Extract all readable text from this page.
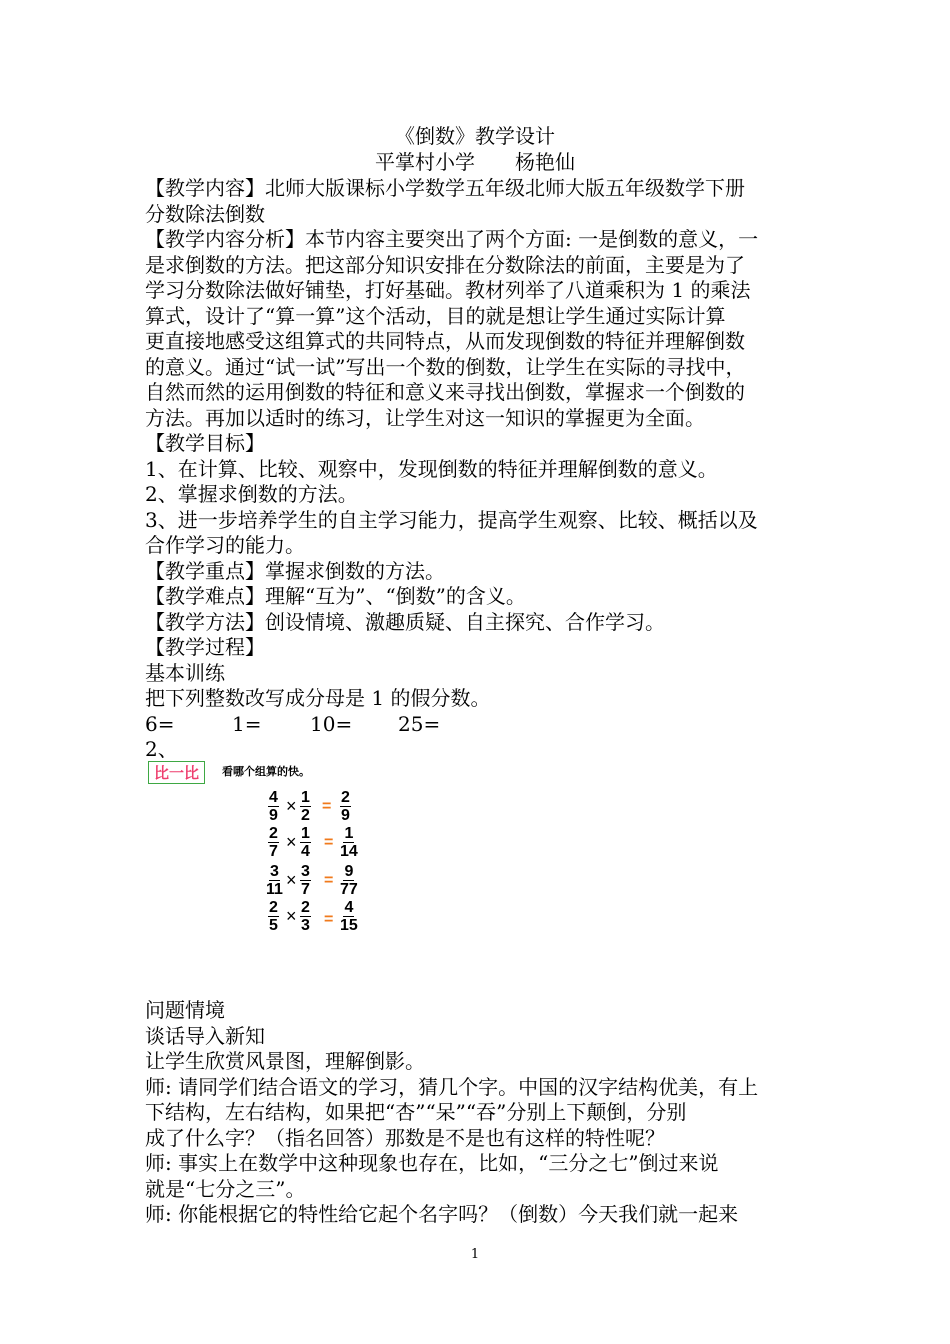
《倒数》教学设计
平掌村小学　　杨艳仙

【教学内容】北师大版课标小学数学五年级北师大版五年级数学下册

分数除法倒数

【教学内容分析】本节内容主要突出了两个方面: 一是倒数的意义，一

是求倒数的方法。把这部分知识安排在分数除法的前面，主要是为了

学习分数除法做好铺垫，打好基础。教材列举了八道乘积为 1 的乘法

算式，设计了“算一算”这个活动，目的就是想让学生通过实际计算

更直接地感受这组算式的共同特点，从而发现倒数的特征并理解倒数

的意义。通过“试一试”写出一个数的倒数，让学生在实际的寻找中，

自然而然的运用倒数的特征和意义来寻找出倒数，掌握求一个倒数的

方法。再加以适时的练习，让学生对这一知识的掌握更为全面。

【教学目标】

1、在计算、比较、观察中，发现倒数的特征并理解倒数的意义。

2、掌握求倒数的方法。

3、进一步培养学生的自主学习能力，提高学生观察、比较、概括以及

合作学习的能力。

【教学重点】掌握求倒数的方法。

【教学难点】理解“互为”、“倒数”的含义。

【教学方法】创设情境、激趣质疑、自主探究、合作学习。

【教学过程】

基本训练

把下列整数改写成分母是 1 的假分数。

6=	1= 10= 25=

2、

比一比	看哪个组算的快。
$\frac{4}{9} \times \frac{1}{2} = \frac{2}{9}$
$\frac{2}{7} \times \frac{1}{4} = \frac{1}{14}$
$\frac{3}{11} \times \frac{3}{7} = \frac{9}{77}$
$\frac{2}{5} \times \frac{2}{3} = \frac{4}{15}$

问题情境

谈话导入新知

让学生欣赏风景图，理解倒影。

师: 请同学们结合语文的学习，猜几个字。中国的汉字结构优美，有上

下结构，左右结构，如果把“杏”“呆”“吞”分别上下颠倒，分别

成了什么字？（指名回答）那数是不是也有这样的特性呢？

师: 事实上在数学中这种现象也存在，比如，“三分之七”倒过来说

就是“七分之三”。

师: 你能根据它的特性给它起个名字吗？（倒数）今天我们就一起来

1
